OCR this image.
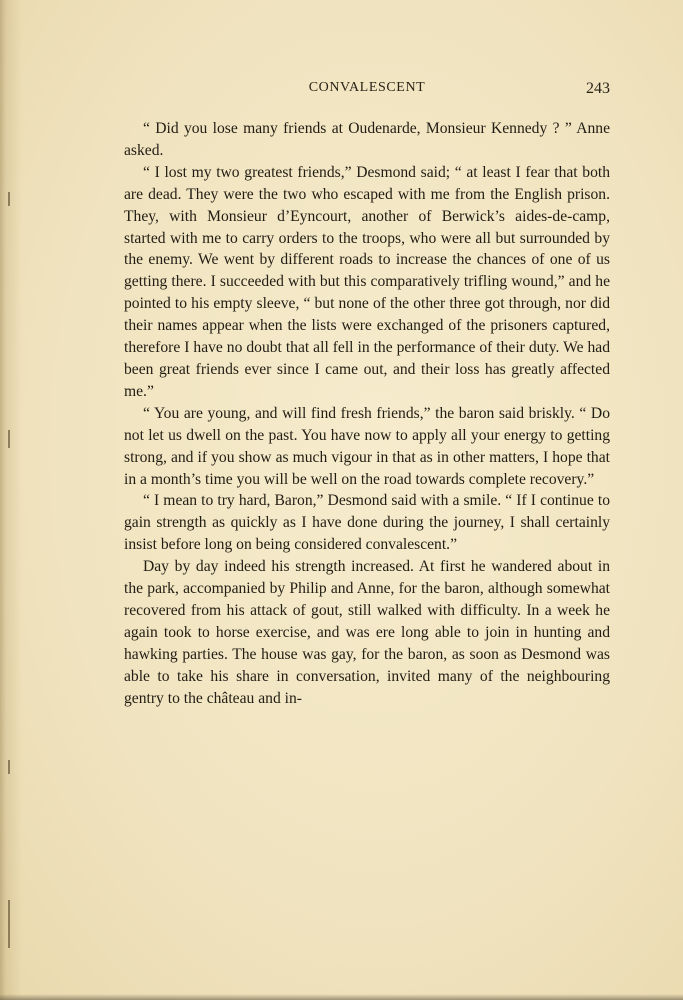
CONVALESCENT	243

“ Did you lose many friends at Oudenarde, Monsieur Kennedy ? ” Anne asked.

“ I lost my two greatest friends,” Desmond said; “ at least I fear that both are dead. They were the two who escaped with me from the English prison. They, with Monsieur d’Eyncourt, another of Berwick’s aides-de-camp, started with me to carry orders to the troops, who were all but surrounded by the enemy. We went by different roads to increase the chances of one of us getting there. I succeeded with but this comparatively trifling wound,” and he pointed to his empty sleeve, “ but none of the other three got through, nor did their names appear when the lists were exchanged of the prisoners captured, therefore I have no doubt that all fell in the performance of their duty. We had been great friends ever since I came out, and their loss has greatly affected me.”

“ You are young, and will find fresh friends,” the baron said briskly. “ Do not let us dwell on the past. You have now to apply all your energy to getting strong, and if you show as much vigour in that as in other matters, I hope that in a month’s time you will be well on the road towards complete recovery.”

“ I mean to try hard, Baron,” Desmond said with a smile. “ If I continue to gain strength as quickly as I have done during the journey, I shall certainly insist before long on being considered convalescent.”

Day by day indeed his strength increased. At first he wandered about in the park, accompanied by Philip and Anne, for the baron, although somewhat recovered from his attack of gout, still walked with difficulty. In a week he again took to horse exercise, and was ere long able to join in hunting and hawking parties. The house was gay, for the baron, as soon as Desmond was able to take his share in conversation, invited many of the neighbouring gentry to the château and in-
